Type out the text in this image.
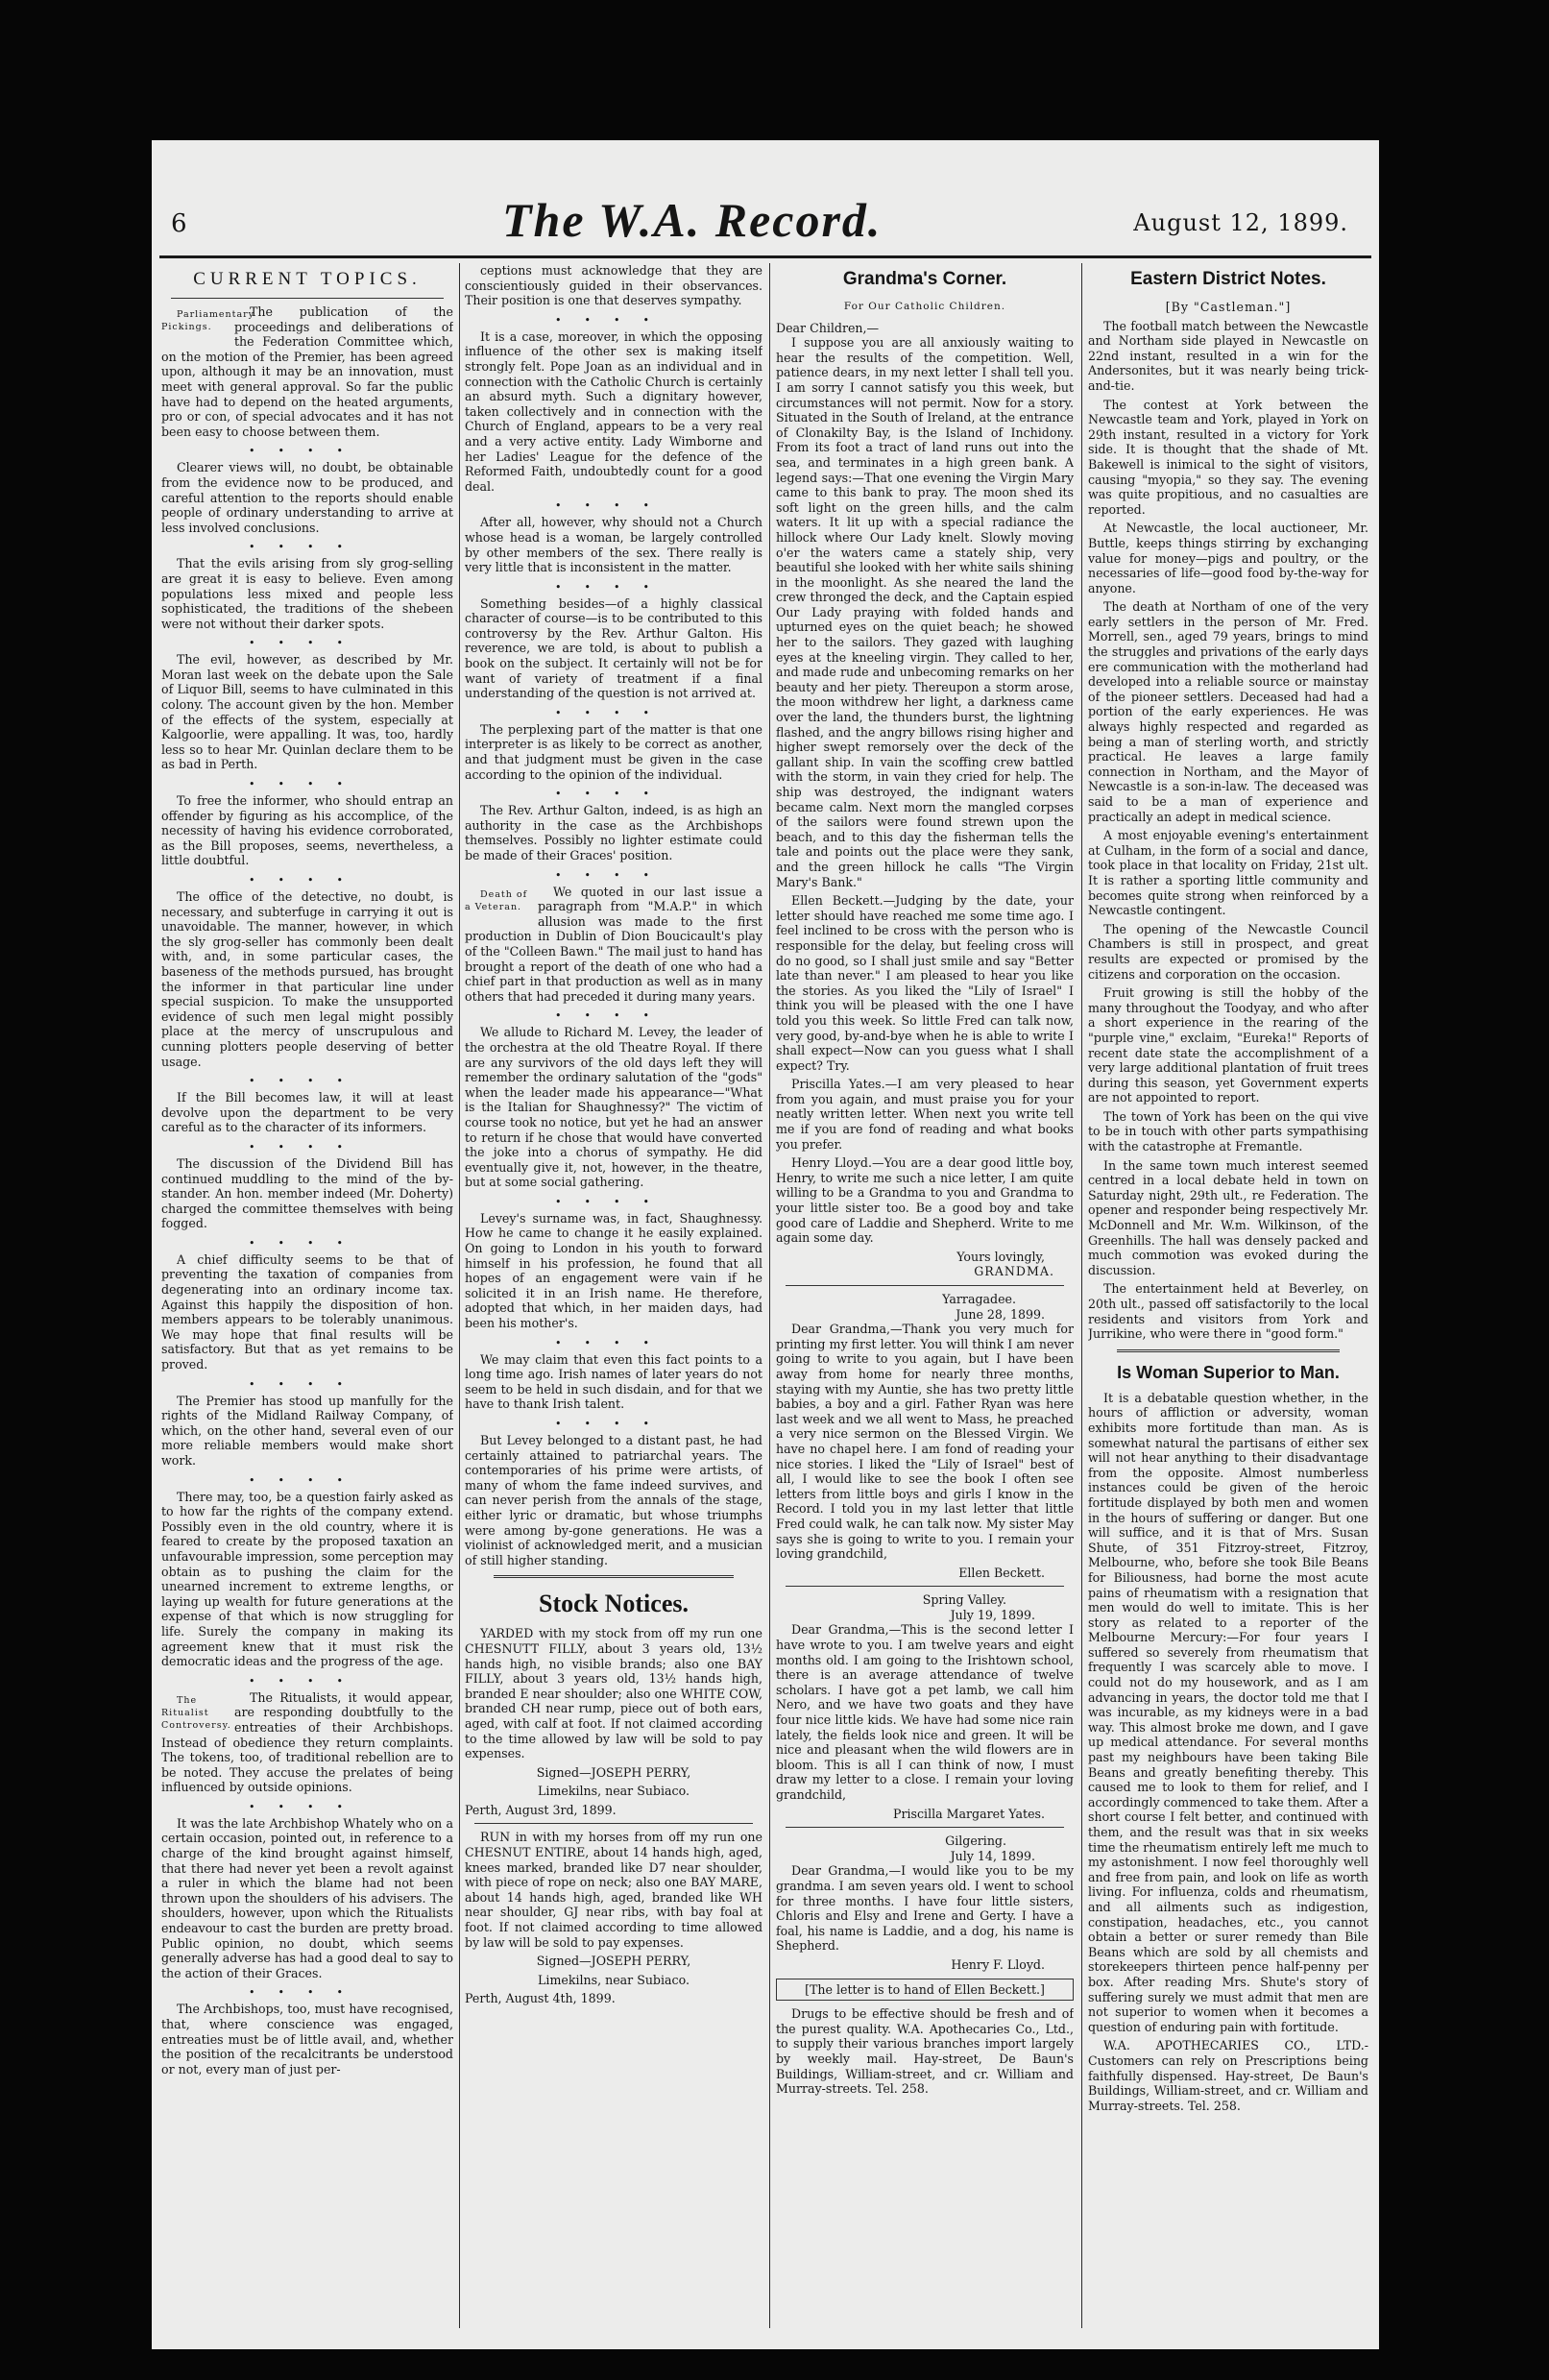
6	The W.A. Record.	August 12, 1899.
CURRENT TOPICS.
Parliamentary Pickings.
The publication of the proceedings and deliberations of the Federation Committee which, on the motion of the Premier, has been agreed upon, although it may be an innovation, must meet with general approval. So far the public have had to depend on the heated arguments, pro or con, of special advocates and it has not been easy to choose between them.
••••
Clearer views will, no doubt, be obtainable from the evidence now to be produced, and careful attention to the reports should enable people of ordinary understanding to arrive at less involved conclusions.
••••
That the evils arising from sly grog-selling are great it is easy to believe. Even among populations less mixed and people less sophisticated, the traditions of the shebeen were not without their darker spots.
••••
The evil, however, as described by Mr. Moran last week on the debate upon the Sale of Liquor Bill, seems to have culminated in this colony. The account given by the hon. Member of the effects of the system, especially at Kalgoorlie, were appalling. It was, too, hardly less so to hear Mr. Quinlan declare them to be as bad in Perth.
••••
To free the informer, who should entrap an offender by figuring as his accomplice, of the necessity of having his evidence corroborated, as the Bill proposes, seems, nevertheless, a little doubtful.
••••
The office of the detective, no doubt, is necessary, and subterfuge in carrying it out is unavoidable. The manner, however, in which the sly grog-seller has commonly been dealt with, and, in some particular cases, the baseness of the methods pursued, has brought the informer in that particular line under special suspicion. To make the unsupported evidence of such men legal might possibly place at the mercy of unscrupulous and cunning plotters people deserving of better usage.
••••
If the Bill becomes law, it will at least devolve upon the department to be very careful as to the character of its informers.
••••
The discussion of the Dividend Bill has continued muddling to the mind of the by-stander. An hon. member indeed (Mr. Doherty) charged the committee themselves with being fogged.
••••
A chief difficulty seems to be that of preventing the taxation of companies from degenerating into an ordinary income tax. Against this happily the disposition of hon. members appears to be tolerably unanimous. We may hope that final results will be satisfactory. But that as yet remains to be proved.
••••
The Premier has stood up manfully for the rights of the Midland Railway Company, of which, on the other hand, several even of our more reliable members would make short work.
••••
There may, too, be a question fairly asked as to how far the rights of the company extend. Possibly even in the old country, where it is feared to create by the proposed taxation an unfavourable impression, some perception may obtain as to pushing the claim for the unearned increment to extreme lengths, or laying up wealth for future generations at the expense of that which is now struggling for life. Surely the company in making its agreement knew that it must risk the democratic ideas and the progress of the age.
••••
The Ritualist Controversy.
The Ritualists, it would appear, are responding doubtfully to the entreaties of their Archbishops. Instead of obedience they return complaints. The tokens, too, of traditional rebellion are to be noted. They accuse the prelates of being influenced by outside opinions.
••••
It was the late Archbishop Whately who on a certain occasion, pointed out, in reference to a charge of the kind brought against himself, that there had never yet been a revolt against a ruler in which the blame had not been thrown upon the shoulders of his advisers. The shoulders, however, upon which the Ritualists endeavour to cast the burden are pretty broad. Public opinion, no doubt, which seems generally adverse has had a good deal to say to the action of their Graces.
••••
The Archbishops, too, must have recognised, that, where conscience was engaged, entreaties must be of little avail, and, whether the position of the recalcitrants be understood or not, every man of just per-
ceptions must acknowledge that they are conscientiously guided in their observances. Their position is one that deserves sympathy.
••••
It is a case, moreover, in which the opposing influence of the other sex is making itself strongly felt. Pope Joan as an individual and in connection with the Catholic Church is certainly an absurd myth. Such a dignitary however, taken collectively and in connection with the Church of England, appears to be a very real and a very active entity. Lady Wimborne and her Ladies' League for the defence of the Reformed Faith, undoubtedly count for a good deal.
••••
After all, however, why should not a Church whose head is a woman, be largely controlled by other members of the sex. There really is very little that is inconsistent in the matter.
••••
Something besides—of a highly classical character of course—is to be contributed to this controversy by the Rev. Arthur Galton. His reverence, we are told, is about to publish a book on the subject. It certainly will not be for want of variety of treatment if a final understanding of the question is not arrived at.
••••
The perplexing part of the matter is that one interpreter is as likely to be correct as another, and that judgment must be given in the case according to the opinion of the individual.
••••
The Rev. Arthur Galton, indeed, is as high an authority in the case as the Archbishops themselves. Possibly no lighter estimate could be made of their Graces' position.
••••
Death of a Veteran.
We quoted in our last issue a paragraph from "M.A.P." in which allusion was made to the first production in Dublin of Dion Boucicault's play of the "Colleen Bawn." The mail just to hand has brought a report of the death of one who had a chief part in that production as well as in many others that had preceded it during many years.
••••
We allude to Richard M. Levey, the leader of the orchestra at the old Theatre Royal. If there are any survivors of the old days left they will remember the ordinary salutation of the "gods" when the leader made his appearance—"What is the Italian for Shaughnessy?" The victim of course took no notice, but yet he had an answer to return if he chose that would have converted the joke into a chorus of sympathy. He did eventually give it, not, however, in the theatre, but at some social gathering.
••••
Levey's surname was, in fact, Shaughnessy. How he came to change it he easily explained. On going to London in his youth to forward himself in his profession, he found that all hopes of an engagement were vain if he solicited it in an Irish name. He therefore, adopted that which, in her maiden days, had been his mother's.
••••
We may claim that even this fact points to a long time ago. Irish names of later years do not seem to be held in such disdain, and for that we have to thank Irish talent.
••••
But Levey belonged to a distant past, he had certainly attained to patriarchal years. The contemporaries of his prime were artists, of many of whom the fame indeed survives, and can never perish from the annals of the stage, either lyric or dramatic, but whose triumphs were among by-gone generations. He was a violinist of acknowledged merit, and a musician of still higher standing.
Stock Notices.
YARDED with my stock from off my run one CHESNUTT FILLY, about 3 years old, 13½ hands high, no visible brands; also one BAY FILLY, about 3 years old, 13½ hands high, branded E near shoulder; also one WHITE COW, branded CH near rump, piece out of both ears, aged, with calf at foot. If not claimed according to the time allowed by law will be sold to pay expenses.
Signed—JOSEPH PERRY,
Limekilns, near Subiaco.
Perth, August 3rd, 1899.
RUN in with my horses from off my run one CHESNUT ENTIRE, about 14 hands high, aged, knees marked, branded like D7 near shoulder, with piece of rope on neck; also one BAY MARE, about 14 hands high, aged, branded like WH near shoulder, GJ near ribs, with bay foal at foot. If not claimed according to time allowed by law will be sold to pay expenses.
Signed—JOSEPH PERRY,
Limekilns, near Subiaco.
Perth, August 4th, 1899.
Grandma's Corner.
For Our Catholic Children.
Dear Children,—
I suppose you are all anxiously waiting to hear the results of the competition. Well, patience dears, in my next letter I shall tell you. I am sorry I cannot satisfy you this week, but circumstances will not permit. Now for a story. Situated in the South of Ireland, at the entrance of Clonakilty Bay, is the Island of Inchidony. From its foot a tract of land runs out into the sea, and terminates in a high green bank. A legend says:—That one evening the Virgin Mary came to this bank to pray. The moon shed its soft light on the green hills, and the calm waters. It lit up with a special radiance the hillock where Our Lady knelt. Slowly moving o'er the waters came a stately ship, very beautiful she looked with her white sails shining in the moonlight. As she neared the land the crew thronged the deck, and the Captain espied Our Lady praying with folded hands and upturned eyes on the quiet beach; he showed her to the sailors. They gazed with laughing eyes at the kneeling virgin. They called to her, and made rude and unbecoming remarks on her beauty and her piety. Thereupon a storm arose, the moon withdrew her light, a darkness came over the land, the thunders burst, the lightning flashed, and the angry billows rising higher and higher swept remorsely over the deck of the gallant ship. In vain the scoffing crew battled with the storm, in vain they cried for help. The ship was destroyed, the indignant waters became calm. Next morn the mangled corpses of the sailors were found strewn upon the beach, and to this day the fisherman tells the tale and points out the place were they sank, and the green hillock he calls "The Virgin Mary's Bank."
Ellen Beckett.—Judging by the date, your letter should have reached me some time ago. I feel inclined to be cross with the person who is responsible for the delay, but feeling cross will do no good, so I shall just smile and say "Better late than never." I am pleased to hear you like the stories. As you liked the "Lily of Israel" I think you will be pleased with the one I have told you this week. So little Fred can talk now, very good, by-and-bye when he is able to write I shall expect—Now can you guess what I shall expect? Try.
Priscilla Yates.—I am very pleased to hear from you again, and must praise you for your neatly written letter. When next you write tell me if you are fond of reading and what books you prefer.
Henry Lloyd.—You are a dear good little boy, Henry, to write me such a nice letter, I am quite willing to be a Grandma to you and Grandma to your little sister too. Be a good boy and take good care of Laddie and Shepherd. Write to me again some day.
Yours lovingly,
GRANDMA.
Yarragadee.
June 28, 1899.
Dear Grandma,—Thank you very much for printing my first letter. You will think I am never going to write to you again, but I have been away from home for nearly three months, staying with my Auntie, she has two pretty little babies, a boy and a girl. Father Ryan was here last week and we all went to Mass, he preached a very nice sermon on the Blessed Virgin. We have no chapel here. I am fond of reading your nice stories. I liked the "Lily of Israel" best of all, I would like to see the book I often see letters from little boys and girls I know in the Record. I told you in my last letter that little Fred could walk, he can talk now. My sister May says she is going to write to you. I remain your loving grandchild,
Ellen Beckett.
Spring Valley.
July 19, 1899.
Dear Grandma,—This is the second letter I have wrote to you. I am twelve years and eight months old. I am going to the Irishtown school, there is an average attendance of twelve scholars. I have got a pet lamb, we call him Nero, and we have two goats and they have four nice little kids. We have had some nice rain lately, the fields look nice and green. It will be nice and pleasant when the wild flowers are in bloom. This is all I can think of now, I must draw my letter to a close. I remain your loving grandchild,
Priscilla Margaret Yates.
Gilgering.
July 14, 1899.
Dear Grandma,—I would like you to be my grandma. I am seven years old. I went to school for three months. I have four little sisters, Chloris and Elsy and Irene and Gerty. I have a foal, his name is Laddie, and a dog, his name is Shepherd.
Henry F. Lloyd.
[The letter is to hand of Ellen Beckett.]
Drugs to be effective should be fresh and of the purest quality. W.A. Apothecaries Co., Ltd., to supply their various branches import largely by weekly mail. Hay-street, De Baun's Buildings, William-street, and cr. William and Murray-streets. Tel. 258.
Eastern District Notes.
[By "Castleman."]
The football match between the Newcastle and Northam side played in Newcastle on 22nd instant, resulted in a win for the Andersonites, but it was nearly being trick-and-tie.
The contest at York between the Newcastle team and York, played in York on 29th instant, resulted in a victory for York side. It is thought that the shade of Mt. Bakewell is inimical to the sight of visitors, causing "myopia," so they say. The evening was quite propitious, and no casualties are reported.
At Newcastle, the local auctioneer, Mr. Buttle, keeps things stirring by exchanging value for money—pigs and poultry, or the necessaries of life—good food by-the-way for anyone.
The death at Northam of one of the very early settlers in the person of Mr. Fred. Morrell, sen., aged 79 years, brings to mind the struggles and privations of the early days ere communication with the motherland had developed into a reliable source or mainstay of the pioneer settlers. Deceased had had a portion of the early experiences. He was always highly respected and regarded as being a man of sterling worth, and strictly practical. He leaves a large family connection in Northam, and the Mayor of Newcastle is a son-in-law. The deceased was said to be a man of experience and practically an adept in medical science.
A most enjoyable evening's entertainment at Culham, in the form of a social and dance, took place in that locality on Friday, 21st ult. It is rather a sporting little community and becomes quite strong when reinforced by a Newcastle contingent.
The opening of the Newcastle Council Chambers is still in prospect, and great results are expected or promised by the citizens and corporation on the occasion.
Fruit growing is still the hobby of the many throughout the Toodyay, and who after a short experience in the rearing of the "purple vine," exclaim, "Eureka!" Reports of recent date state the accomplishment of a very large additional plantation of fruit trees during this season, yet Government experts are not appointed to report.
The town of York has been on the qui vive to be in touch with other parts sympathising with the catastrophe at Fremantle.
In the same town much interest seemed centred in a local debate held in town on Saturday night, 29th ult., re Federation. The opener and responder being respectively Mr. McDonnell and Mr. W.m. Wilkinson, of the Greenhills. The hall was densely packed and much commotion was evoked during the discussion.
The entertainment held at Beverley, on 20th ult., passed off satisfactorily to the local residents and visitors from York and Jurrikine, who were there in "good form."
Is Woman Superior to Man.
It is a debatable question whether, in the hours of affliction or adversity, woman exhibits more fortitude than man. As is somewhat natural the partisans of either sex will not hear anything to their disadvantage from the opposite. Almost numberless instances could be given of the heroic fortitude displayed by both men and women in the hours of suffering or danger. But one will suffice, and it is that of Mrs. Susan Shute, of 351 Fitzroy-street, Fitzroy, Melbourne, who, before she took Bile Beans for Biliousness, had borne the most acute pains of rheumatism with a resignation that men would do well to imitate. This is her story as related to a reporter of the Melbourne Mercury:—For four years I suffered so severely from rheumatism that frequently I was scarcely able to move. I could not do my housework, and as I am advancing in years, the doctor told me that I was incurable, as my kidneys were in a bad way. This almost broke me down, and I gave up medical attendance. For several months past my neighbours have been taking Bile Beans and greatly benefiting thereby. This caused me to look to them for relief, and I accordingly commenced to take them. After a short course I felt better, and continued with them, and the result was that in six weeks time the rheumatism entirely left me much to my astonishment. I now feel thoroughly well and free from pain, and look on life as worth living. For influenza, colds and rheumatism, and all ailments such as indigestion, constipation, headaches, etc., you cannot obtain a better or surer remedy than Bile Beans which are sold by all chemists and storekeepers thirteen pence half-penny per box. After reading Mrs. Shute's story of suffering surely we must admit that men are not superior to women when it becomes a question of enduring pain with fortitude.
W.A. APOTHECARIES CO., LTD.-Customers can rely on Prescriptions being faithfully dispensed. Hay-street, De Baun's Buildings, William-street, and cr. William and Murray-streets. Tel. 258.
